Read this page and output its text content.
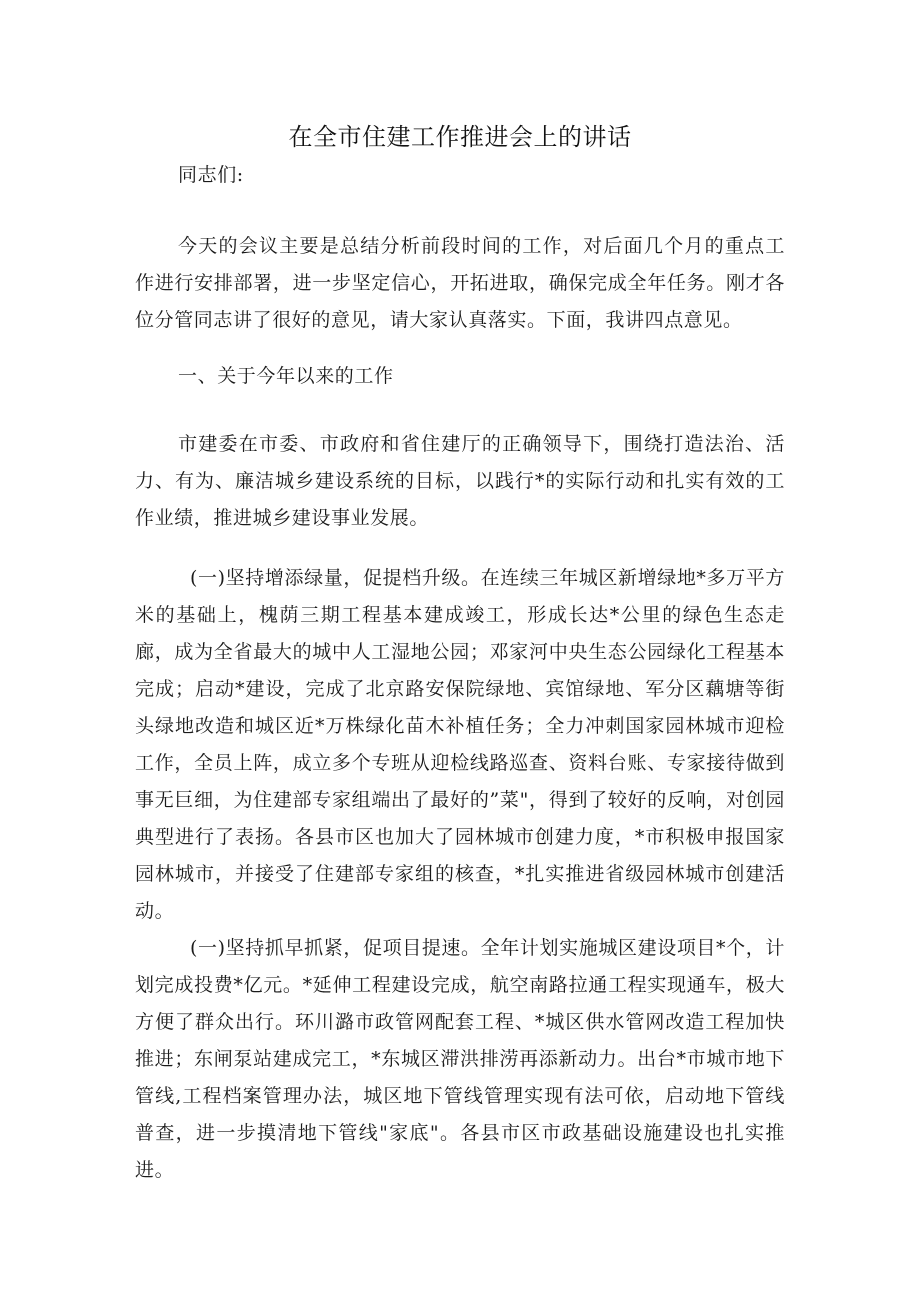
在全市住建工作推进会上的讲话
同志们:
今天的会议主要是总结分析前段时间的工作，对后面几个月的重点工作进行安排部署，进一步坚定信心，开拓进取，确保完成全年任务。刚才各位分管同志讲了很好的意见，请大家认真落实。下面，我讲四点意见。
一、关于今年以来的工作
市建委在市委、市政府和省住建厅的正确领导下，围绕打造法治、活力、有为、廉洁城乡建设系统的目标，以践行*的实际行动和扎实有效的工作业绩，推进城乡建设事业发展。
(一)坚持增添绿量，促提档升级。在连续三年城区新增绿地*多万平方米的基础上，槐荫三期工程基本建成竣工，形成长达*公里的绿色生态走廊，成为全省最大的城中人工湿地公园；邓家河中央生态公园绿化工程基本完成；启动*建设，完成了北京路安保院绿地、宾馆绿地、军分区藕塘等街头绿地改造和城区近*万株绿化苗木补植任务；全力冲刺国家园林城市迎检工作，全员上阵，成立多个专班从迎检线路巡查、资料台账、专家接待做到事无巨细，为住建部专家组端出了最好的”菜"，得到了较好的反响，对创园典型进行了表扬。各县市区也加大了园林城市创建力度，*市积极申报国家园林城市，并接受了住建部专家组的核查，*扎实推进省级园林城市创建活动。
(一)坚持抓早抓紧，促项目提速。全年计划实施城区建设项目*个，计划完成投费*亿元。*延伸工程建设完成，航空南路拉通工程实现通车，极大方便了群众出行。环川潞市政管网配套工程、*城区供水管网改造工程加快推进；东闸泵站建成完工，*东城区滞洪排涝再添新动力。出台*市城市地下管线,工程档案管理办法，城区地下管线管理实现有法可依，启动地下管线普查，进一步摸清地下管线"家底"。各县市区市政基础设施建设也扎实推进。
